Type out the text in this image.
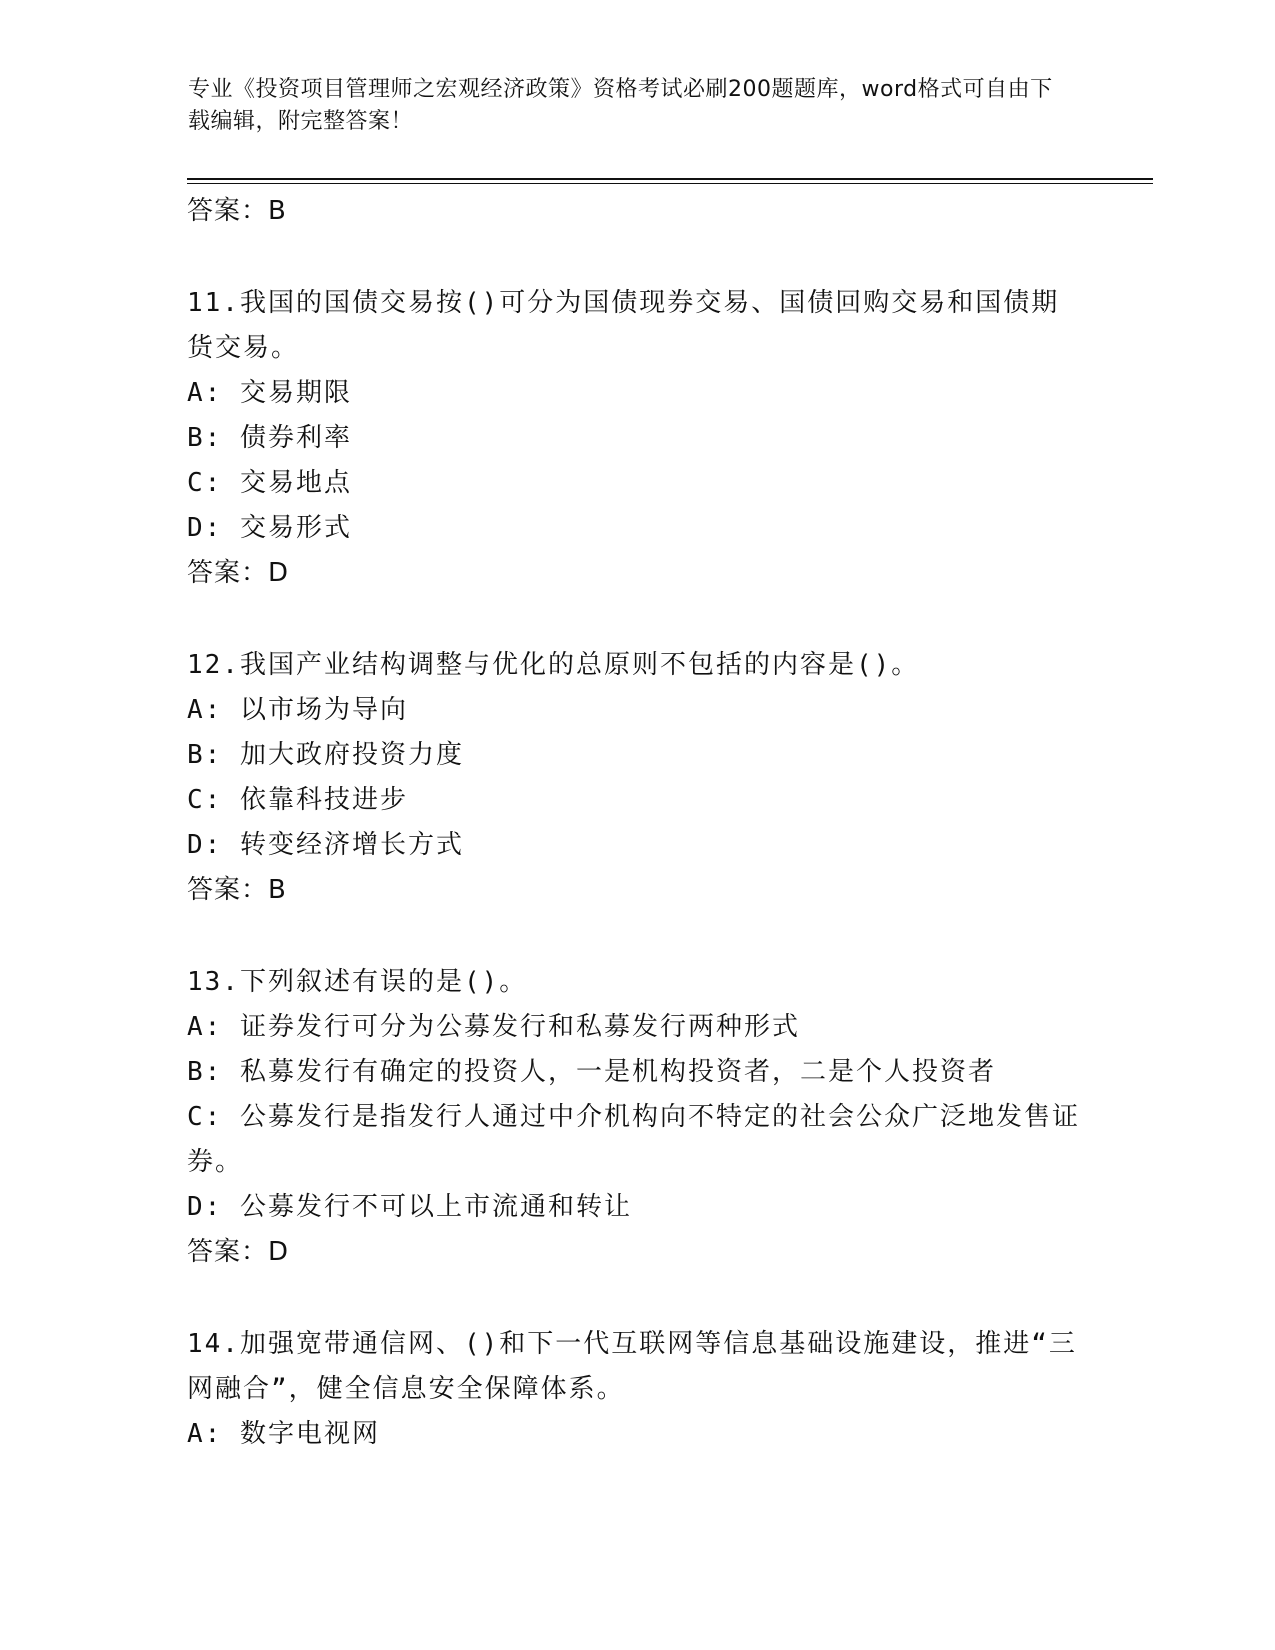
专业《投资项目管理师之宏观经济政策》资格考试必刷200题题库，word格式可自由下载编辑，附完整答案！

答案：B

11.我国的国债交易按()可分为国债现券交易、国债回购交易和国债期货交易。

A: 交易期限

B: 债券利率

C: 交易地点

D: 交易形式

答案：D

12.我国产业结构调整与优化的总原则不包括的内容是()。

A: 以市场为导向

B: 加大政府投资力度

C: 依靠科技进步

D: 转变经济增长方式

答案：B

13.下列叙述有误的是()。

A: 证券发行可分为公募发行和私募发行两种形式

B: 私募发行有确定的投资人，一是机构投资者，二是个人投资者

C: 公募发行是指发行人通过中介机构向不特定的社会公众广泛地发售证券。

D: 公募发行不可以上市流通和转让

答案：D

14.加强宽带通信网、()和下一代互联网等信息基础设施建设，推进“三网融合”，健全信息安全保障体系。

A: 数字电视网
